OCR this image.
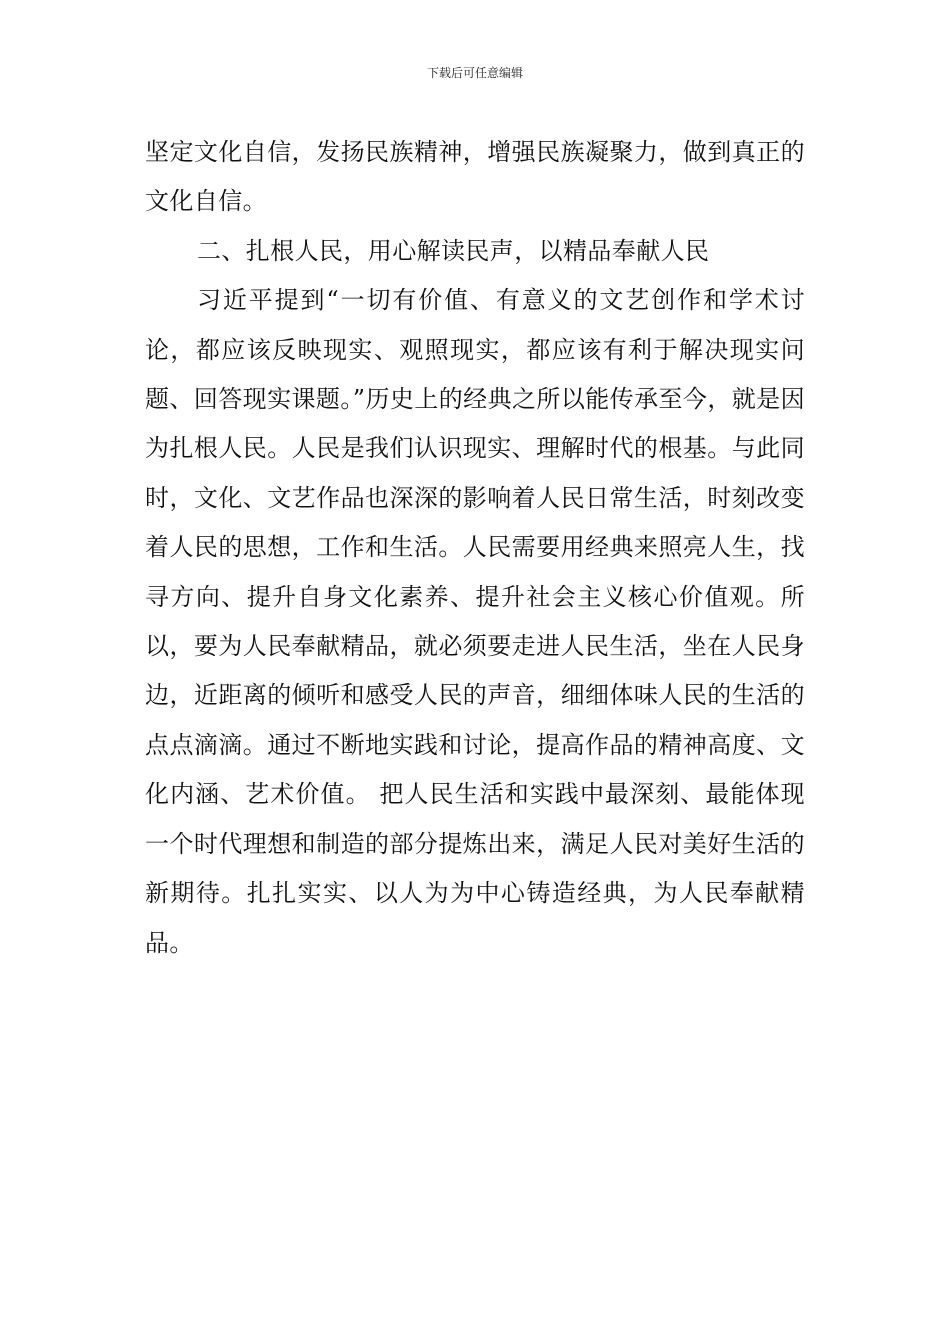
下载后可任意编辑

坚定文化自信，发扬民族精神，增强民族凝聚力，做到真正的文化自信。

二、扎根人民，用心解读民声，以精品奉献人民

习近平提到“一切有价值、有意义的文艺创作和学术讨论，都应该反映现实、观照现实，都应该有利于解决现实问题、回答现实课题。”历史上的经典之所以能传承至今，就是因为扎根人民。人民是我们认识现实、理解时代的根基。与此同时，文化、文艺作品也深深的影响着人民日常生活，时刻改变着人民的思想，工作和生活。人民需要用经典来照亮人生，找寻方向、提升自身文化素养、提升社会主义核心价值观。所以，要为人民奉献精品，就必须要走进人民生活，坐在人民身边，近距离的倾听和感受人民的声音，细细体味人民的生活的点点滴滴。通过不断地实践和讨论，提高作品的精神高度、文化内涵、艺术价值。 把人民生活和实践中最深刻、最能体现一个时代理想和制造的部分提炼出来，满足人民对美好生活的新期待。扎扎实实、以人为为中心铸造经典，为人民奉献精品。
